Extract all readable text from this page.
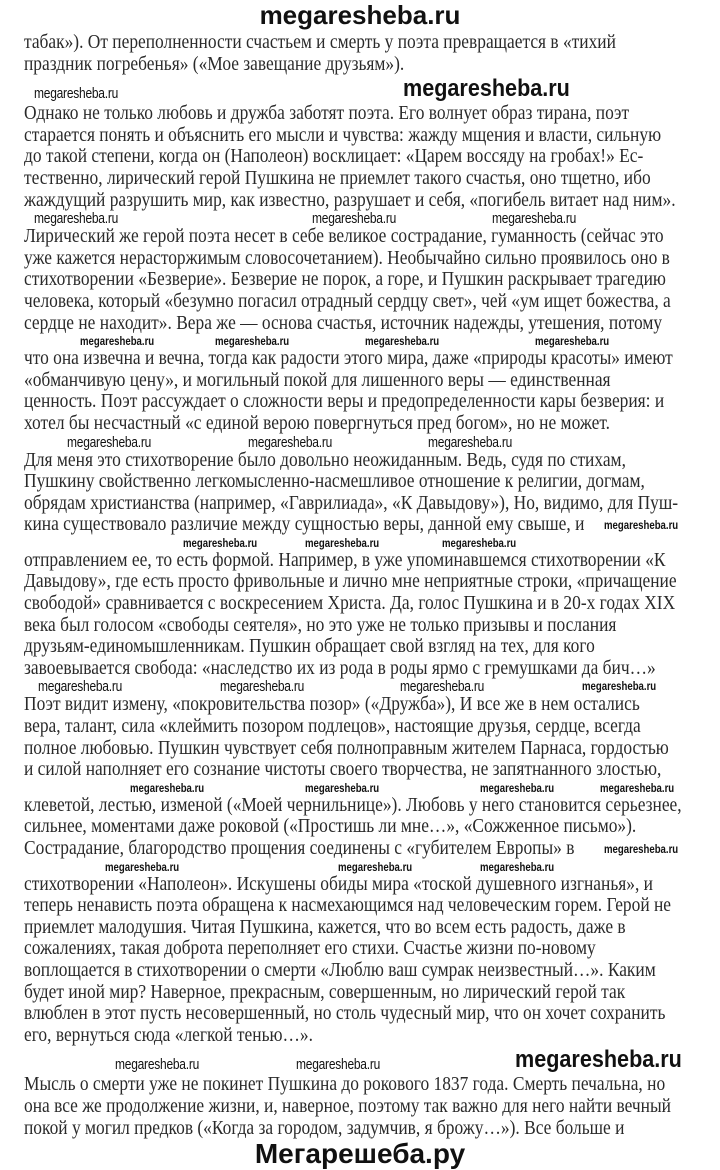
megaresheba.ru
табак»). От переполненности счастьем и смерть у поэта превращается в «тихий
праздник погребенья» («Мое завещание друзьям»).
megaresheba.ru	megaresheba.ru
Однако не только любовь и дружба заботят поэта. Его волнует образ тирана, поэт
старается понять и объяснить его мысли и чувства: жажду мщения и власти, сильную
до такой степени, когда он (Наполеон) восклицает: «Царем воссяду на гробах!» Ес-
тественно, лирический герой Пушкина не приемлет такого счастья, оно тщетно, ибо
жаждущий разрушить мир, как известно, разрушает и себя, «погибель витает над ним».
megaresheba.ru	megaresheba.ru	megaresheba.ru
Лирический же герой поэта несет в себе великое сострадание, гуманность (сейчас это
уже кажется нерасторжимым словосочетанием). Необычайно сильно проявилось оно в
стихотворении «Безверие». Безверие не порок, а горе, и Пушкин раскрывает трагедию
человека, который «безумно погасил отрадный сердцу свет», чей «ум ищет божества, а
сердце не находит». Вера же — основа счастья, источник надежды, утешения, потому
megaresheba.ru	megaresheba.ru	megaresheba.ru	megaresheba.ru
что она извечна и вечна, тогда как радости этого мира, даже «природы красоты» имеют
«обманчивую цену», и могильный покой для лишенного веры — единственная
ценность. Поэт рассуждает о сложности веры и предопределенности кары безверия: и
хотел бы несчастный «с единой верою повергнуться пред богом», но не может.
megaresheba.ru	megaresheba.ru	megaresheba.ru
Для меня это стихотворение было довольно неожиданным. Ведь, судя по стихам,
Пушкину свойственно легкомысленно-насмешливое отношение к религии, догмам,
обрядам христианства (например, «Гаврилиада», «К Давыдову»), Но, видимо, для Пуш-
кина существовало различие между сущностью веры, данной ему свыше, и megaresheba.ru
megaresheba.ru	megaresheba.ru	megaresheba.ru
отправлением ее, то есть формой. Например, в уже упоминавшемся стихотворении «К
Давыдову», где есть просто фривольные и лично мне неприятные строки, «причащение
свободой» сравнивается с воскресением Христа. Да, голос Пушкина и в 20-х годах XIX
века был голосом «свободы сеятеля», но это уже не только призывы и послания
друзьям-единомышленникам. Пушкин обращает свой взгляд на тех, для кого
завоевывается свобода: «наследство их из рода в роды ярмо с гремушками да бич…»
megaresheba.ru	megaresheba.ru	megaresheba.ru	megaresheba.ru
Поэт видит измену, «покровительства позор» («Дружба»), И все же в нем остались
вера, талант, сила «клеймить позором подлецов», настоящие друзья, сердце, всегда
полное любовью. Пушкин чувствует себя полноправным жителем Парнаса, гордостью
и силой наполняет его сознание чистоты своего творчества, не запятнанного злостью,
megaresheba.ru	megaresheba.ru	megaresheba.ru	megaresheba.ru
клеветой, лестью, изменой («Моей чернильнице»). Любовь у него становится серьезнее,
сильнее, моментами даже роковой («Простишь ли мне…», «Сожженное письмо»).
Сострадание, благородство прощения соединены с «губителем Европы» в megaresheba.ru
megaresheba.ru	megaresheba.ru	megaresheba.ru
стихотворении «Наполеон». Искушены обиды мира «тоской душевного изгнанья», и
теперь ненависть поэта обращена к насмехающимся над человеческим горем. Герой не
приемлет малодушия. Читая Пушкина, кажется, что во всем есть радость, даже в
сожалениях, такая доброта переполняет его стихи. Счастье жизни по-новому
воплощается в стихотворении о смерти «Люблю ваш сумрак неизвестный…». Каким
будет иной мир? Наверное, прекрасным, совершенным, но лирический герой так
влюблен в этот пусть несовершенный, но столь чудесный мир, что он хочет сохранить
его, вернуться сюда «легкой тенью…».
megaresheba.ru	megaresheba.ru	megaresheba.ru
Мысль о смерти уже не покинет Пушкина до рокового 1837 года. Смерть печальна, но
она все же продолжение жизни, и, наверное, поэтому так важно для него найти вечный
покой у могил предков («Когда за городом, задумчив, я брожу…»). Все больше и
Мегарешеба.ру
